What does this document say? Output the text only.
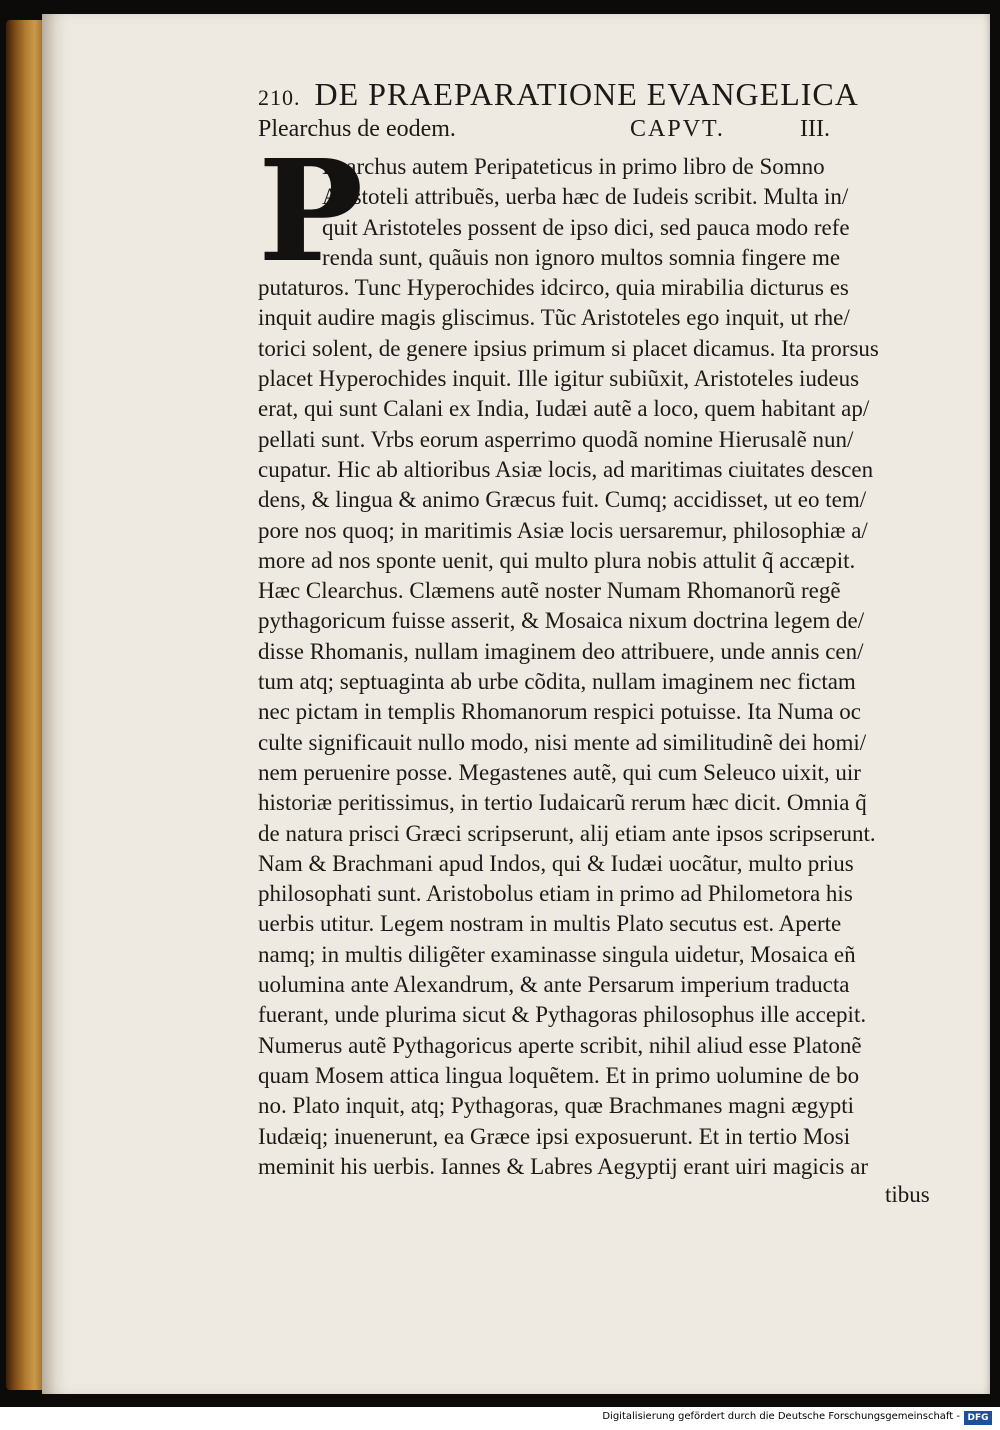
210. DE PRAEPARATIONE EVANGELICA
Plearchus de eodem.	CAPVT.	III.
P
Learchus autem Peripateticus in primo libro de Somno
Aristoteli attribuẽs, uerba hæc de Iudeis scribit. Multa in/
quit Aristoteles possent de ipso dici, sed pauca modo refe
renda sunt, quãuis non ignoro multos somnia fingere me
putaturos. Tunc Hyperochides idcirco, quia mirabilia dicturus es
inquit audire magis gliscimus. Tũc Aristoteles ego inquit, ut rhe/
torici solent, de genere ipsius primum si placet dicamus. Ita prorsus
placet Hyperochides inquit. Ille igitur subiũxit, Aristoteles iudeus
erat, qui sunt Calani ex India, Iudæi autẽ a loco, quem habitant ap/
pellati sunt. Vrbs eorum asperrimo quodã nomine Hierusalẽ nun/
cupatur. Hic ab altioribus Asiæ locis, ad maritimas ciuitates descen
dens, & lingua & animo Græcus fuit. Cumq; accidisset, ut eo tem/
pore nos quoq; in maritimis Asiæ locis uersaremur, philosophiæ a/
more ad nos sponte uenit, qui multo plura nobis attulit q̃ accæpit.
Hæc Clearchus. Clæmens autẽ noster Numam Rhomanorũ regẽ
pythagoricum fuisse asserit, & Mosaica nixum doctrina legem de/
disse Rhomanis, nullam imaginem deo attribuere, unde annis cen/
tum atq; septuaginta ab urbe cõdita, nullam imaginem nec fictam
nec pictam in templis Rhomanorum respici potuisse. Ita Numa oc
culte significauit nullo modo, nisi mente ad similitudinẽ dei homi/
nem peruenire posse. Megastenes autẽ, qui cum Seleuco uixit, uir
historiæ peritissimus, in tertio Iudaicarũ rerum hæc dicit. Omnia q̃
de natura prisci Græci scripserunt, alij etiam ante ipsos scripserunt.
Nam & Brachmani apud Indos, qui & Iudæi uocãtur, multo prius
philosophati sunt. Aristobolus etiam in primo ad Philometora his
uerbis utitur. Legem nostram in multis Plato secutus est. Aperte
namq; in multis diligẽter examinasse singula uidetur, Mosaica eñ
uolumina ante Alexandrum, & ante Persarum imperium traducta
fuerant, unde plurima sicut & Pythagoras philosophus ille accepit.
Numerus autẽ Pythagoricus aperte scribit, nihil aliud esse Platonẽ
quam Mosem attica lingua loquẽtem. Et in primo uolumine de bo
no. Plato inquit, atq; Pythagoras, quæ Brachmanes magni ægypti
Iudæiq; inuenerunt, ea Græce ipsi exposuerunt. Et in tertio Mosi
meminit his uerbis. Iannes & Labres Aegyptij erant uiri magicis ar
tibus
Digitalisierung gefördert durch die Deutsche Forschungsgemeinschaft - DFG
